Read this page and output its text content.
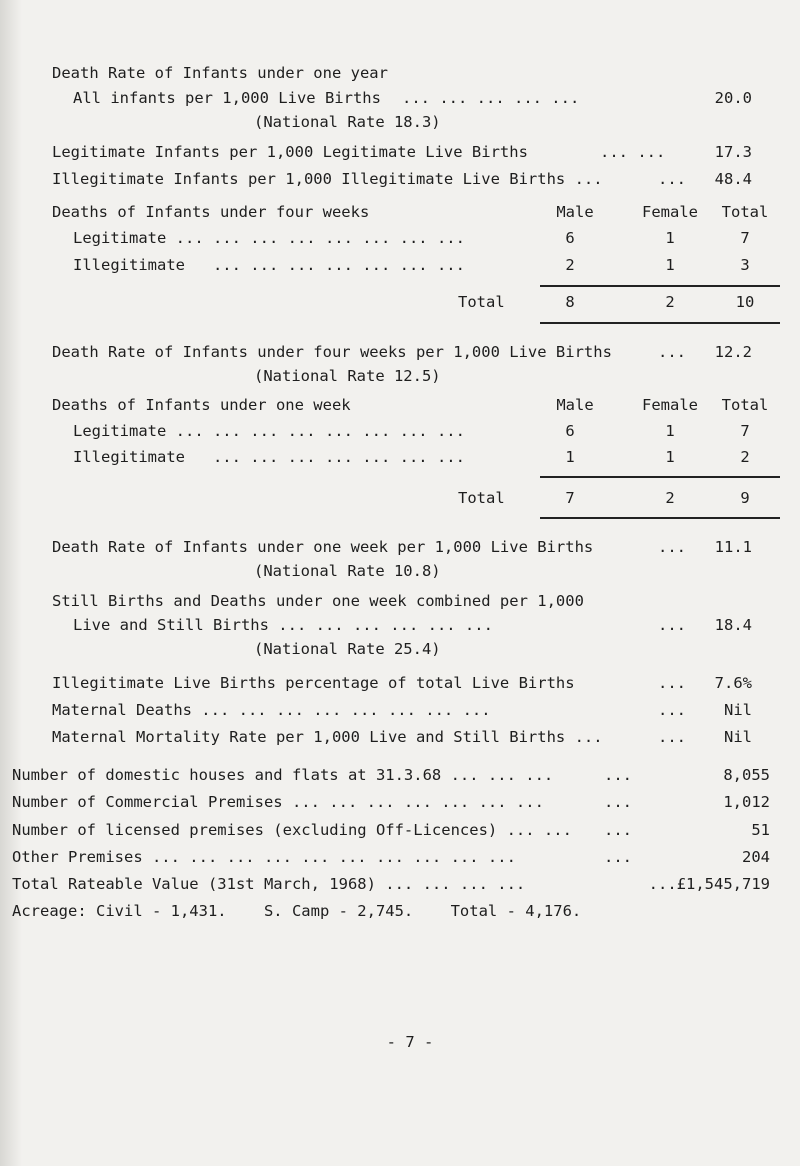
Death Rate of Infants under one year
All infants per 1,000 Live Births ... ... ... ... ...	20.0
(National Rate 18.3)
Legitimate Infants per 1,000 Legitimate Live Births	... ...	17.3
Illegitimate Infants per 1,000 Illegitimate Live Births ...	... 48.4
Deaths of Infants under four weeks	Male	Female	Total
Legitimate ... ... ... ... ... ... ... ...	6	1	7
Illegitimate   ... ... ... ... ... ... ...	2	1	3
Total	8	2	10
Death Rate of Infants under four weeks per 1,000 Live Births	... 12.2
(National Rate 12.5)
Deaths of Infants under one week	Male	Female	Total
Legitimate ... ... ... ... ... ... ... ...	6	1	7
Illegitimate   ... ... ... ... ... ... ...	1	1	2
Total	7	2	9
Death Rate of Infants under one week per 1,000 Live Births	... 11.1
(National Rate 10.8)
Still Births and Deaths under one week combined per 1,000
Live and Still Births ... ... ... ... ... ...	... 18.4
(National Rate 25.4)
Illegitimate Live Births percentage of total Live Births	... 7.6%
Maternal Deaths ... ... ... ... ... ... ... ...	... Nil
Maternal Mortality Rate per 1,000 Live and Still Births ...	... Nil
Number of domestic houses and flats at 31.3.68 ... ... ...	...	8,055
Number of Commercial Premises ... ... ... ... ... ... ...	...	1,012
Number of licensed premises (excluding Off-Licences) ... ... ...	51
Other Premises ... ... ... ... ... ... ... ... ... ...	...	204
Total Rateable Value (31st March, 1968) ... ... ... ...	...£1,545,719
Acreage: Civil - 1,431.    S. Camp - 2,745.    Total - 4,176.
- 7 -
